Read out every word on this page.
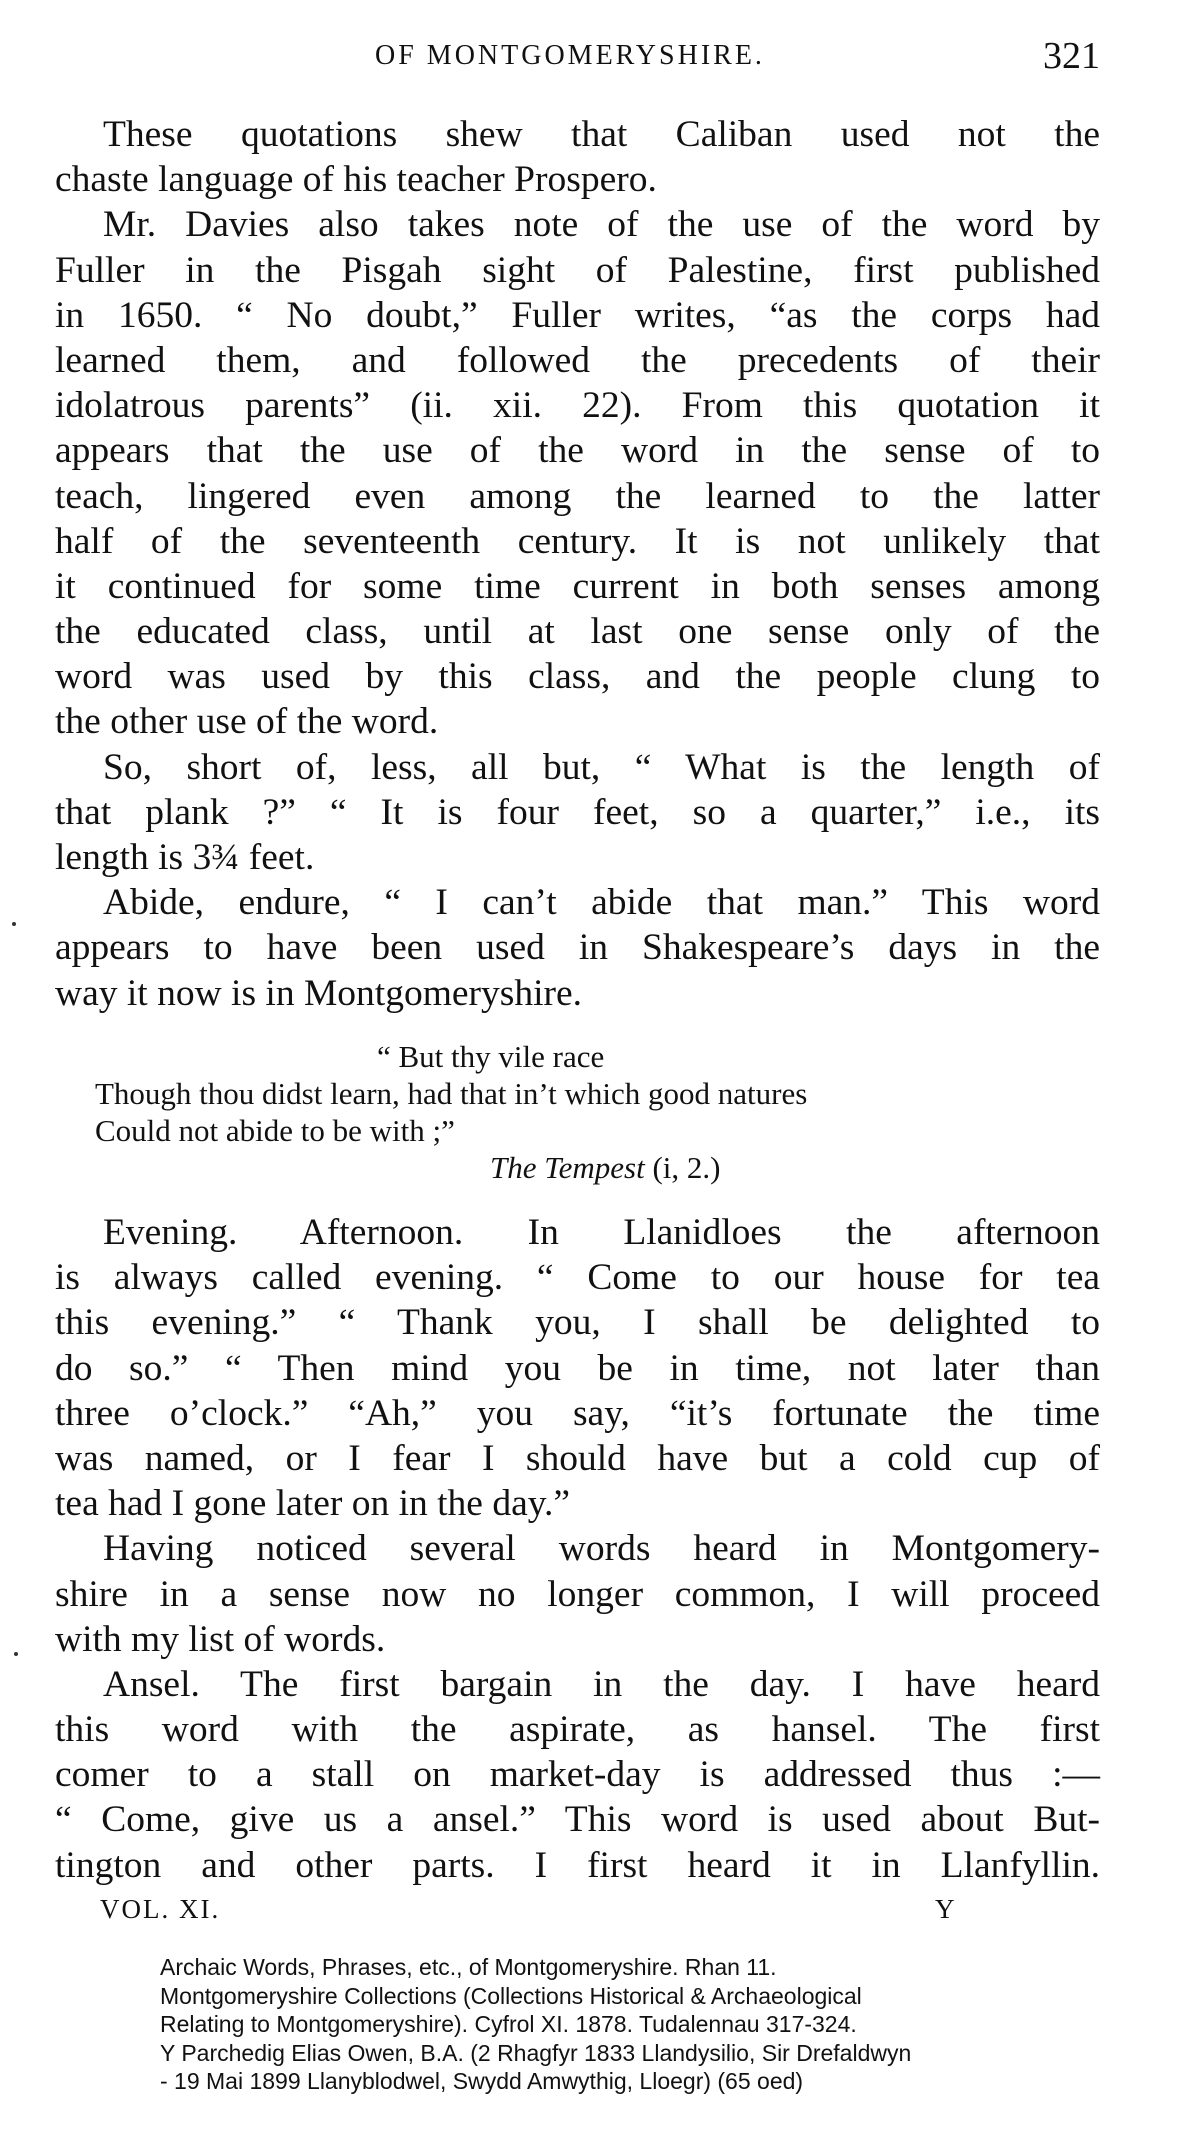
OF MONTGOMERYSHIRE.	321
These quotations shew that Caliban used not the
chaste language of his teacher Prospero.
Mr. Davies also takes note of the use of the word by
Fuller in the Pisgah sight of Palestine, first published
in 1650. “ No doubt,” Fuller writes, “as the corps had
learned them, and followed the precedents of their
idolatrous parents” (ii. xii. 22). From this quotation it
appears that the use of the word in the sense of to
teach, lingered even among the learned to the latter
half of the seventeenth century. It is not unlikely that
it continued for some time current in both senses among
the educated class, until at last one sense only of the
word was used by this class, and the people clung to
the other use of the word.
So, short of, less, all but, “ What is the length of
that plank ?” “ It is four feet, so a quarter,” i.e., its
length is 3¾ feet.
Abide, endure, “ I can’t abide that man.” This word
appears to have been used in Shakespeare’s days in the
way it now is in Montgomeryshire.
“ But thy vile race
Though thou didst learn, had that in’t which good natures
Could not abide to be with ;”
The Tempest (i, 2.)
Evening. Afternoon. In Llanidloes the afternoon
is always called evening. “ Come to our house for tea
this evening.” “ Thank you, I shall be delighted to
do so.” “ Then mind you be in time, not later than
three o’clock.” “Ah,” you say, “it’s fortunate the time
was named, or I fear I should have but a cold cup of
tea had I gone later on in the day.”
Having noticed several words heard in Montgomery-
shire in a sense now no longer common, I will proceed
with my list of words.
Ansel. The first bargain in the day. I have heard
this word with the aspirate, as hansel. The first
comer to a stall on market-day is addressed thus :—
“ Come, give us a ansel.” This word is used about But-
tington and other parts. I first heard it in Llanfyllin.
VOL. XI.	Y
Archaic Words, Phrases, etc., of Montgomeryshire. Rhan 11.
Montgomeryshire Collections (Collections Historical & Archaeological
Relating to Montgomeryshire). Cyfrol XI. 1878. Tudalennau 317-324.
Y Parchedig Elias Owen, B.A. (2 Rhagfyr 1833 Llandysilio, Sir Drefaldwyn
- 19 Mai 1899 Llanyblodwel, Swydd Amwythig, Lloegr) (65 oed)
